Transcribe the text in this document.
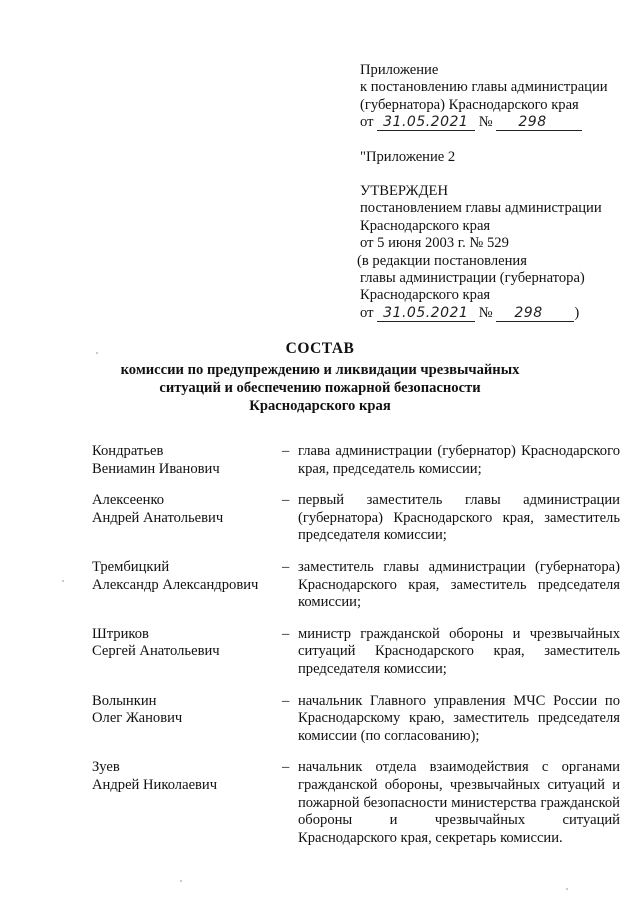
Приложение
к постановлению главы администрации
(губернатора) Краснодарского края
от 31.05.2021 № 298
"Приложение 2
УТВЕРЖДЕН
постановлением главы администрации
Краснодарского края
от 5 июня 2003 г. № 529
(в редакции постановления
главы администрации (губернатора)
Краснодарского края
от 31.05.2021 № 298 )
СОСТАВ
комиссии по предупреждению и ликвидации чрезвычайных
ситуаций и обеспечению пожарной безопасности
Краснодарского края
Кондратьев
Вениамин Иванович
– глава администрации (губернатор) Краснодарского края, председатель комиссии;
Алексеенко
Андрей Анатольевич
– первый заместитель главы администрации (губернатора) Краснодарского края, заместитель председателя комиссии;
Трембицкий
Александр Александрович
– заместитель главы администрации (губернатора) Краснодарского края, заместитель председателя комиссии;
Штриков
Сергей Анатольевич
– министр гражданской обороны и чрезвычайных ситуаций Краснодарского края, заместитель председателя комиссии;
Волынкин
Олег Жанович
– начальник Главного управления МЧС России по Краснодарскому краю, заместитель председателя комиссии (по согласованию);
Зуев
Андрей Николаевич
– начальник отдела взаимодействия с органами гражданской обороны, чрезвычайных ситуаций и пожарной безопасности министерства гражданской обороны и чрезвычайных ситуаций Краснодарского края, секретарь комиссии.
